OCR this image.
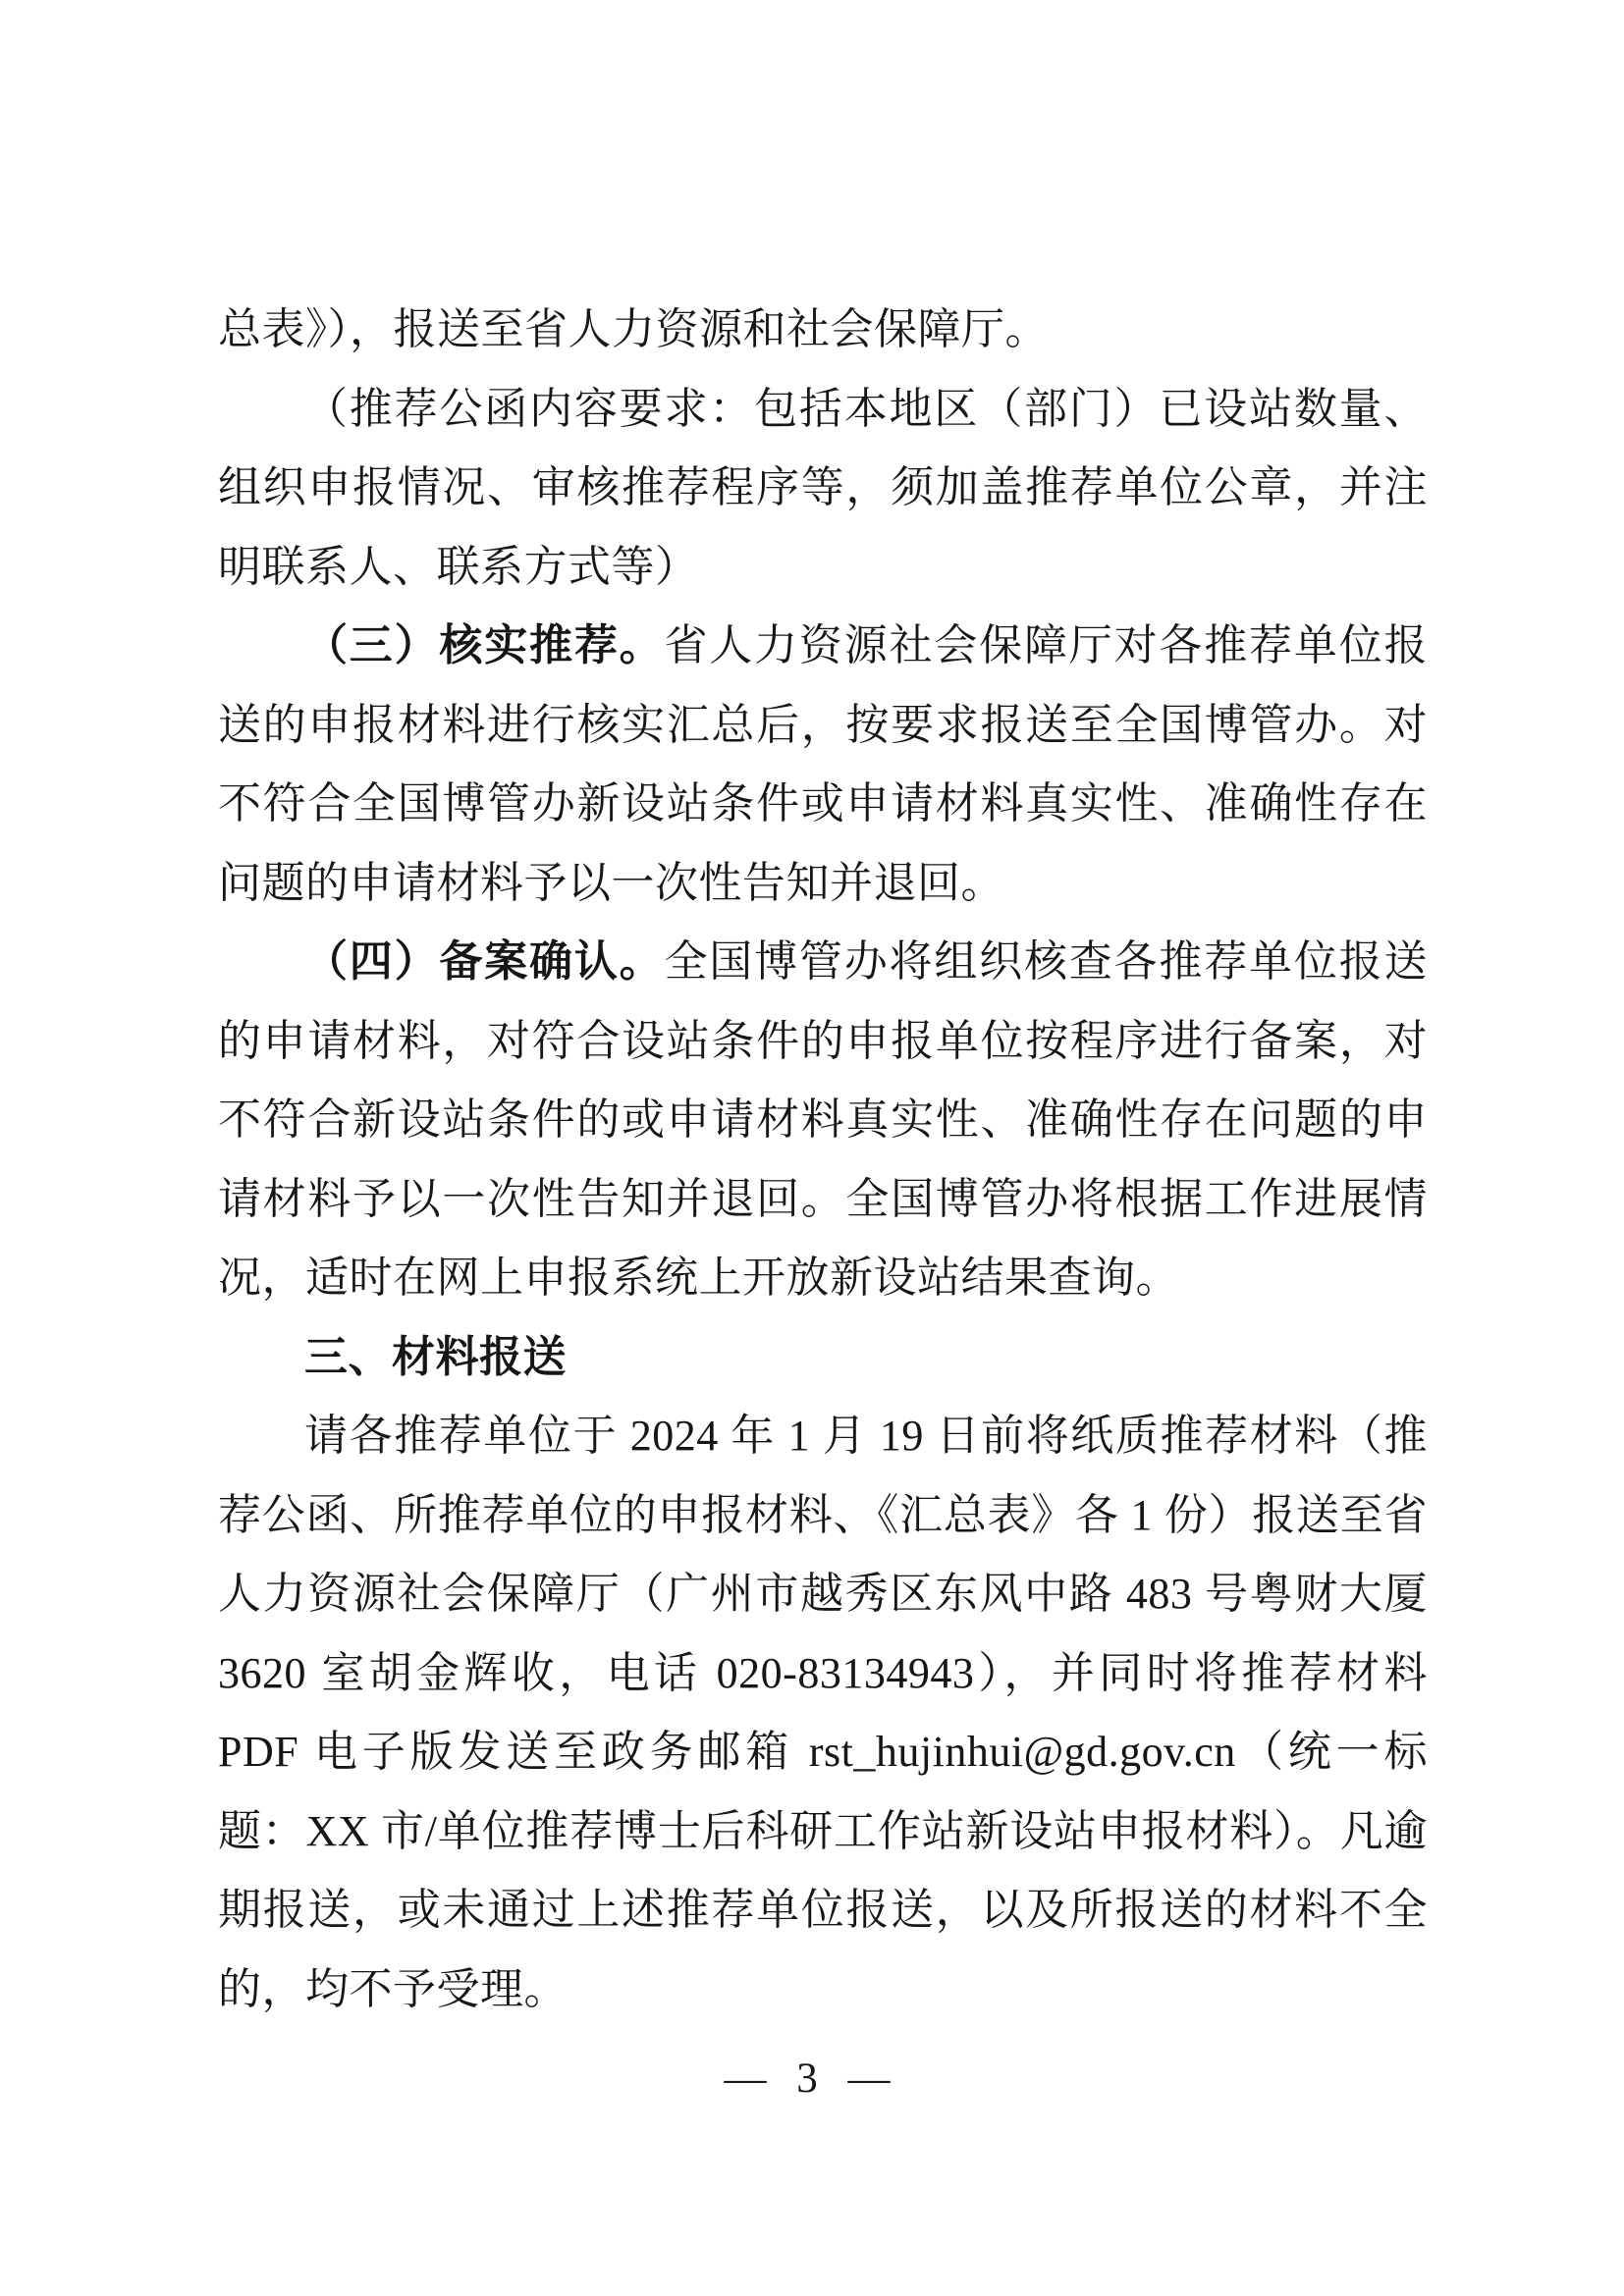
总表》），报送至省人力资源和社会保障厅。

（推荐公函内容要求：包括本地区（部门）已设站数量、组织申报情况、审核推荐程序等，须加盖推荐单位公章，并注明联系人、联系方式等）

（三）核实推荐。省人力资源社会保障厅对各推荐单位报送的申报材料进行核实汇总后，按要求报送至全国博管办。对不符合全国博管办新设站条件或申请材料真实性、准确性存在问题的申请材料予以一次性告知并退回。

（四）备案确认。全国博管办将组织核查各推荐单位报送的申请材料，对符合设站条件的申报单位按程序进行备案，对不符合新设站条件的或申请材料真实性、准确性存在问题的申请材料予以一次性告知并退回。全国博管办将根据工作进展情况，适时在网上申报系统上开放新设站结果查询。

三、材料报送

请各推荐单位于 2024 年 1 月 19 日前将纸质推荐材料（推荐公函、所推荐单位的申报材料、《汇总表》各 1 份）报送至省人力资源社会保障厅（广州市越秀区东风中路 483 号粤财大厦 3620 室胡金辉收，电话 020-83134943），并同时将推荐材料 PDF 电子版发送至政务邮箱 rst_hujinhui@gd.gov.cn（统一标题：XX 市/单位推荐博士后科研工作站新设站申报材料）。凡逾期报送，或未通过上述推荐单位报送，以及所报送的材料不全的，均不予受理。

— 3 —
